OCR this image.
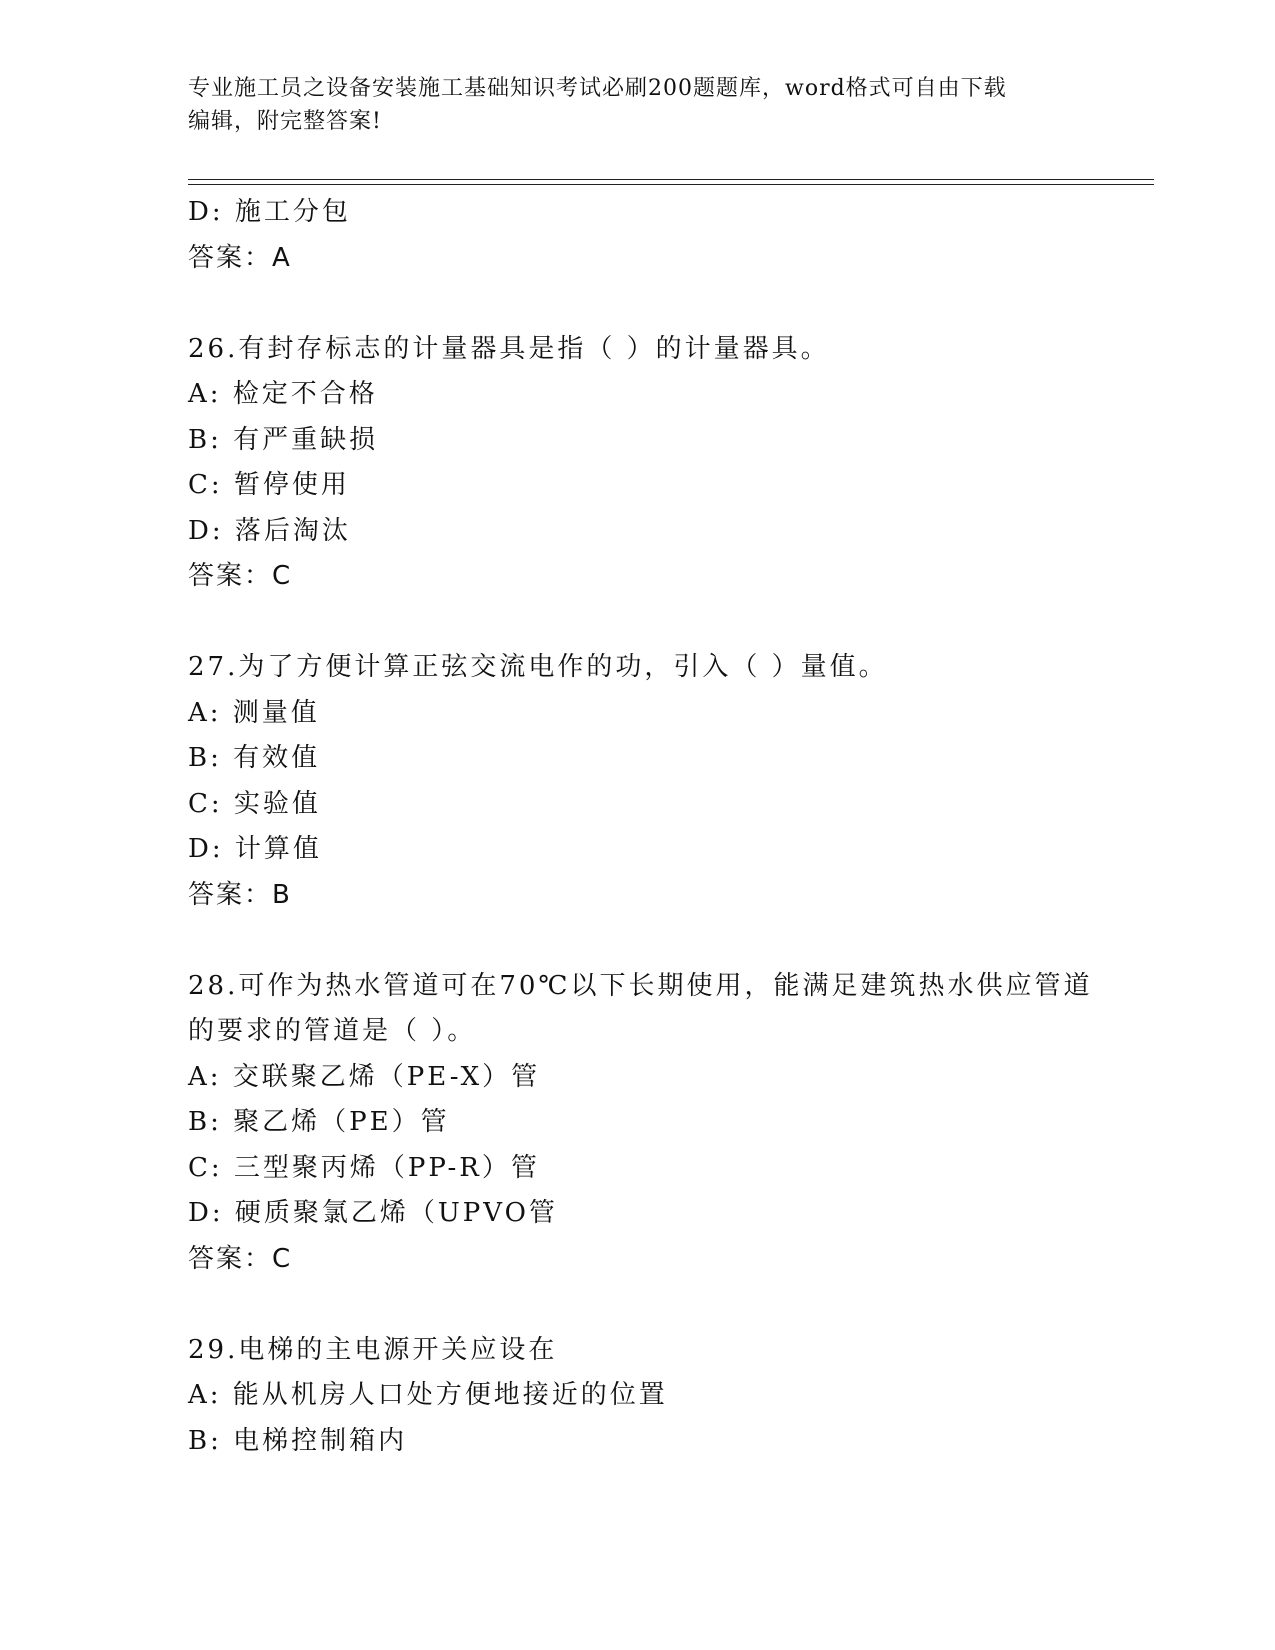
专业施工员之设备安装施工基础知识考试必刷200题题库，word格式可自由下载
编辑，附完整答案!
D: 施工分包
答案：A
26.有封存标志的计量器具是指（ ）的计量器具。
A: 检定不合格
B: 有严重缺损
C: 暂停使用
D: 落后淘汰
答案：C
27.为了方便计算正弦交流电作的功，引入（ ）量值。
A: 测量值
B: 有效值
C: 实验值
D: 计算值
答案：B
28.可作为热水管道可在70℃以下长期使用，能满足建筑热水供应管道
的要求的管道是（ ）。
A: 交联聚乙烯（PE-X）管
B: 聚乙烯（PE）管
C: 三型聚丙烯（PP-R）管
D: 硬质聚氯乙烯（UPVO管
答案：C
29.电梯的主电源开关应设在
A: 能从机房人口处方便地接近的位置
B: 电梯控制箱内
